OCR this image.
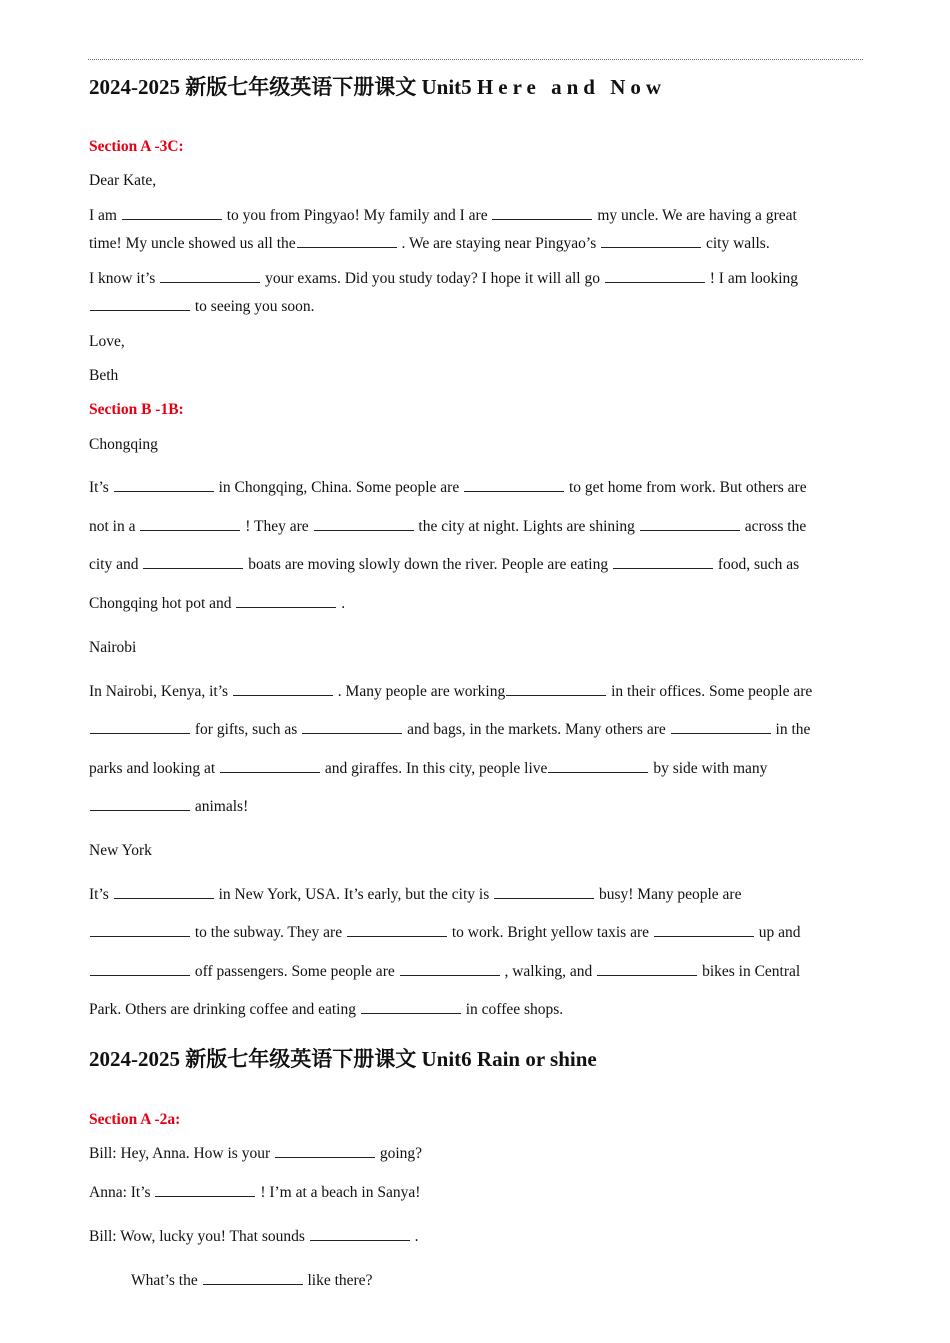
2024-2025 新版七年级英语下册课文 Unit5 Here and Now
Section A -3C:
Dear Kate,
I am	to you from Pingyao! My family and I are	my uncle. We are having a great
time! My uncle showed us all the	. We are staying near Pingyao’s	city walls.
I know it’s	your exams. Did you study today? I hope it will all go	! I am looking
to seeing you soon.
Love,
Beth
Section B -1B:
Chongqing
It’s	in Chongqing, China. Some people are	to get home from work. But others are
not in a	! They are	the city at night. Lights are shining	across the
city and	boats are moving slowly down the river. People are eating	food, such as
Chongqing hot pot and	.
Nairobi
In Nairobi, Kenya, it’s	. Many people are working	in their offices. Some people are
for gifts, such as	and bags, in the markets. Many others are	in the
parks and looking at	and giraffes. In this city, people live	by side with many
animals!
New York
It’s	in New York, USA. It’s early, but the city is	busy! Many people are
to the subway. They are	to work. Bright yellow taxis are	up and
off passengers. Some people are	, walking, and	bikes in Central
Park. Others are drinking coffee and eating	in coffee shops.
2024-2025 新版七年级英语下册课文 Unit6 Rain or shine
Section A -2a:
Bill: Hey, Anna. How is your	going?
Anna: It’s	! I’m at a beach in Sanya!
Bill: Wow, lucky you! That sounds	.
What’s the	like there?
